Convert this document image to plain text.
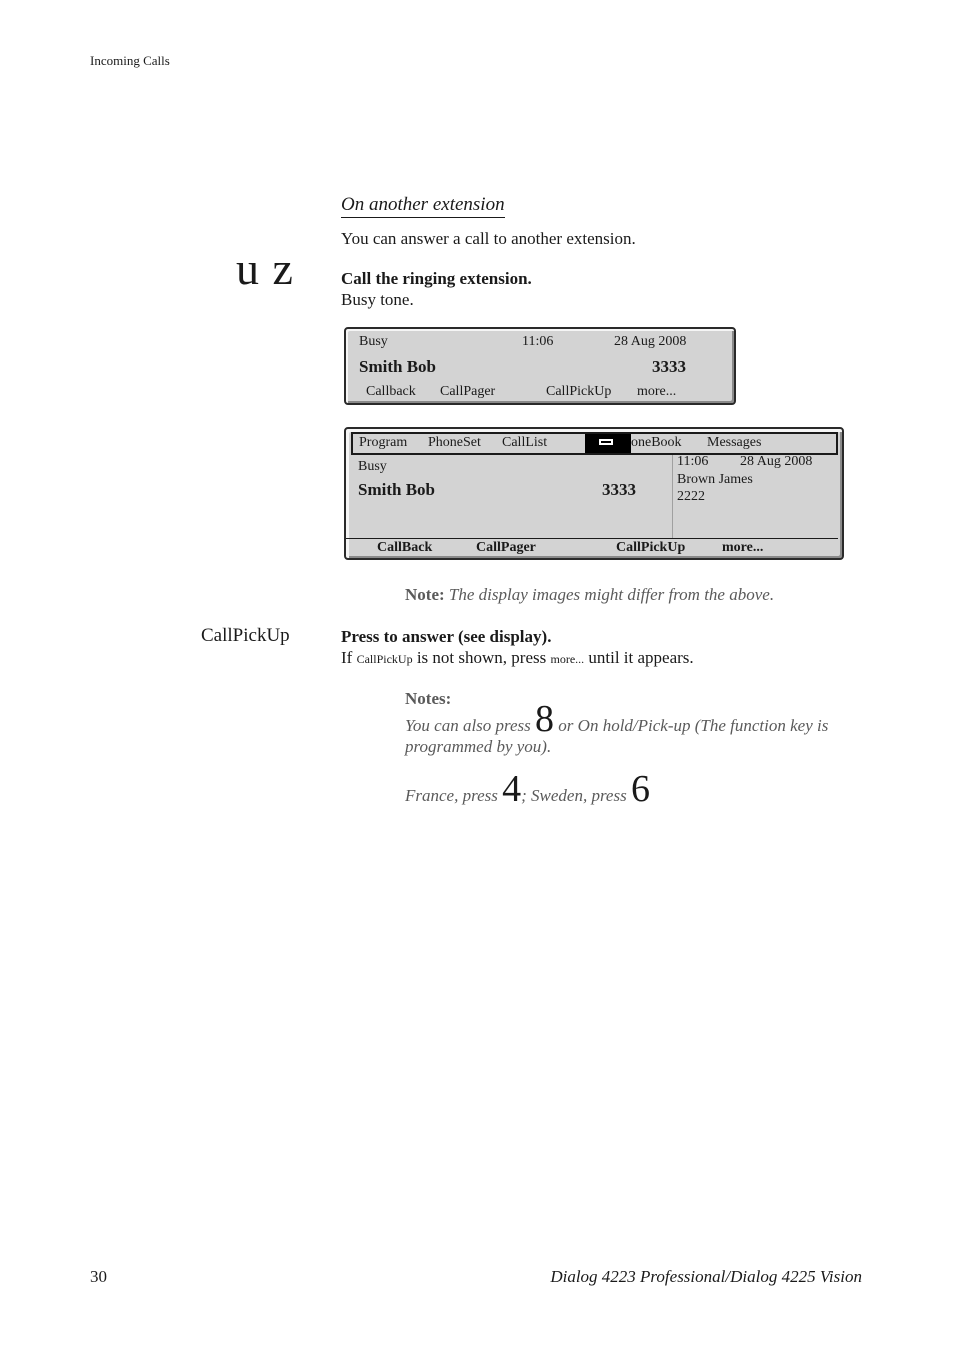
Incoming Calls
On another extension
You can answer a call to another extension.
u z	Call the ringing extension.
Busy tone.
Busy	11:06	28 Aug 2008
Smith Bob	3333
Callback CallPager	CallPickUp more...
Program PhoneSet CallList	oneBook Messages
Busy
Smith Bob	3333
11:06 28 Aug 2008
Brown James
2222
CallBack	CallPager	CallPickUp	more...
Note: The display images might differ from the above.
CallPickUp	Press to answer (see display).
If CallPickUp is not shown, press more... until it appears.
Notes:
You can also press 8 or On hold/Pick-up (The function key is programmed by you).
France, press 4; Sweden, press 6
30	Dialog 4223 Professional/Dialog 4225 Vision
